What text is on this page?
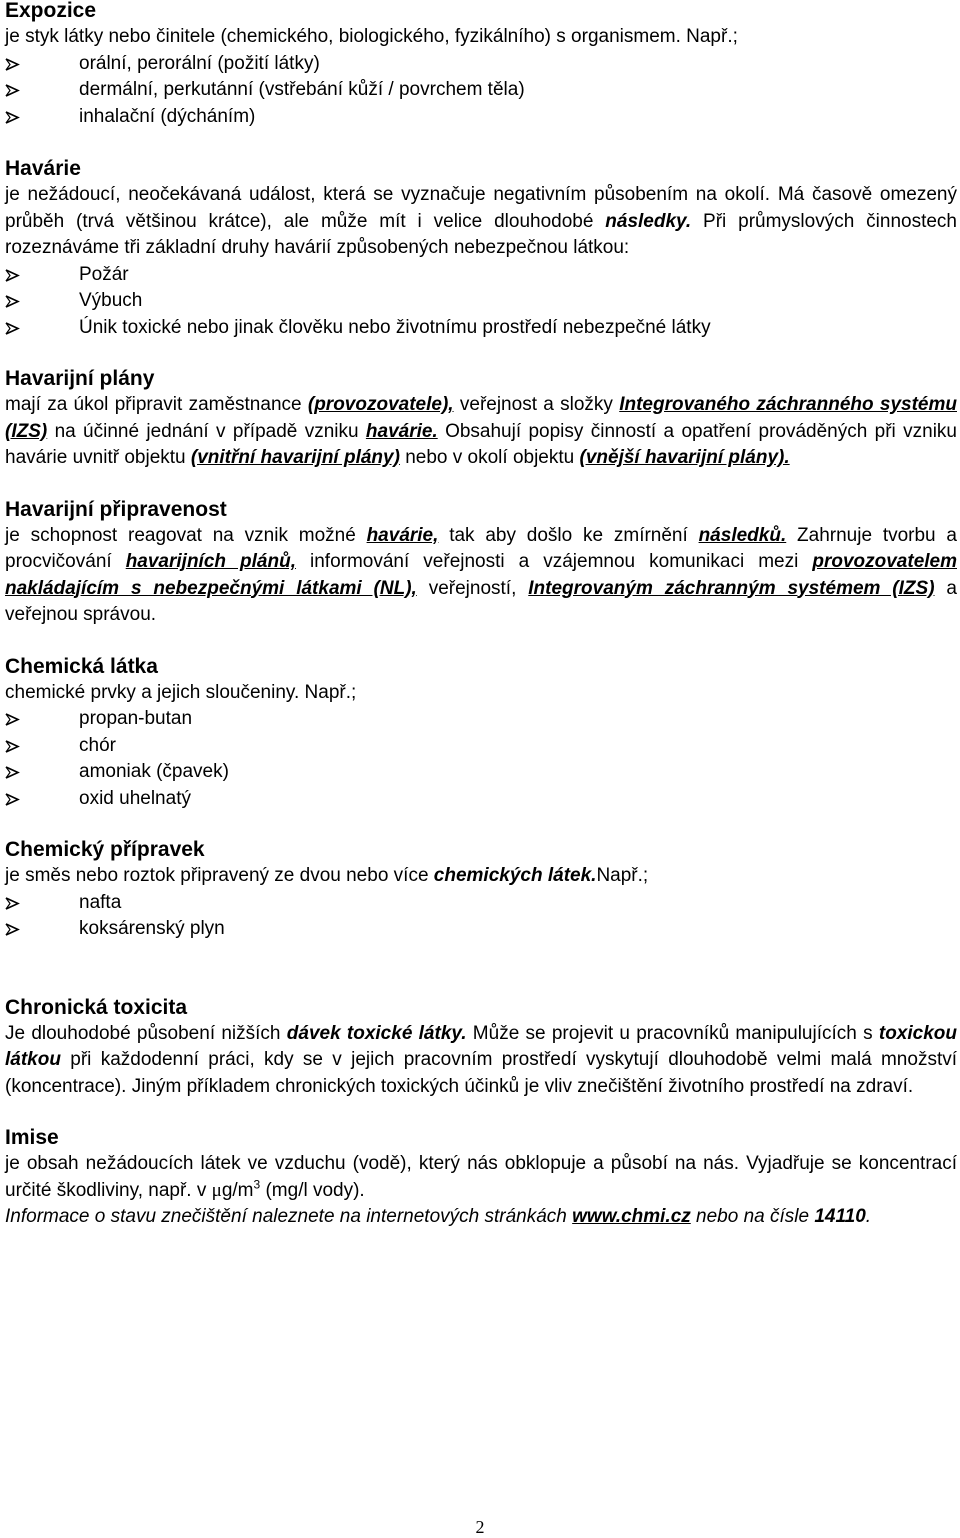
Expozice

je styk látky nebo činitele (chemického, biologického, fyzikálního) s organismem. Např.;

orální, perorální (požití látky)
dermální, perkutánní (vstřebání kůží / povrchem těla)
inhalační (dýcháním)
Havárie

je nežádoucí, neočekávaná událost, která se vyznačuje negativním působením na okolí. Má časově omezený průběh (trvá většinou krátce), ale může mít i velice dlouhodobé následky. Při průmyslových činnostech rozeznáváme tři základní druhy havárií způsobených nebezpečnou látkou:

Požár
Výbuch
Únik toxické nebo jinak člověku nebo životnímu prostředí nebezpečné látky
Havarijní plány

mají za úkol připravit zaměstnance (provozovatele), veřejnost a složky Integrovaného záchranného systému (IZS) na účinné jednání v případě vzniku havárie. Obsahují popisy činností a opatření prováděných při vzniku havárie uvnitř objektu (vnitřní havarijní plány) nebo v okolí objektu (vnější havarijní plány).

Havarijní připravenost

je schopnost reagovat na vznik možné havárie, tak aby došlo ke zmírnění následků. Zahrnuje tvorbu a procvičování havarijních plánů, informování veřejnosti a vzájemnou komunikaci mezi provozovatelem nakládajícím s nebezpečnými látkami (NL), veřejností, Integrovaným záchranným systémem (IZS) a veřejnou správou.

Chemická látka

chemické prvky a jejich sloučeniny. Např.;

propan-butan
chór
amoniak (čpavek)
oxid uhelnatý
Chemický přípravek

je směs nebo roztok připravený ze dvou nebo více chemických látek.Např.;

nafta
koksárenský plyn
Chronická toxicita

Je dlouhodobé působení nižších dávek toxické látky. Může se projevit u pracovníků manipulujících s toxickou látkou při každodenní práci, kdy se v jejich pracovním prostředí vyskytují dlouhodobě velmi malá množství (koncentrace). Jiným příkladem chronických toxických účinků je vliv znečištění životního prostředí na zdraví.

Imise

je obsah nežádoucích látek ve vzduchu (vodě), který nás obklopuje a působí na nás. Vyjadřuje se koncentrací určité škodliviny, např. v $\mu g/m^3$ (mg/l vody).

Informace o stavu znečištění naleznete na internetových stránkách www.chmi.cz nebo na čísle 14110.

2
